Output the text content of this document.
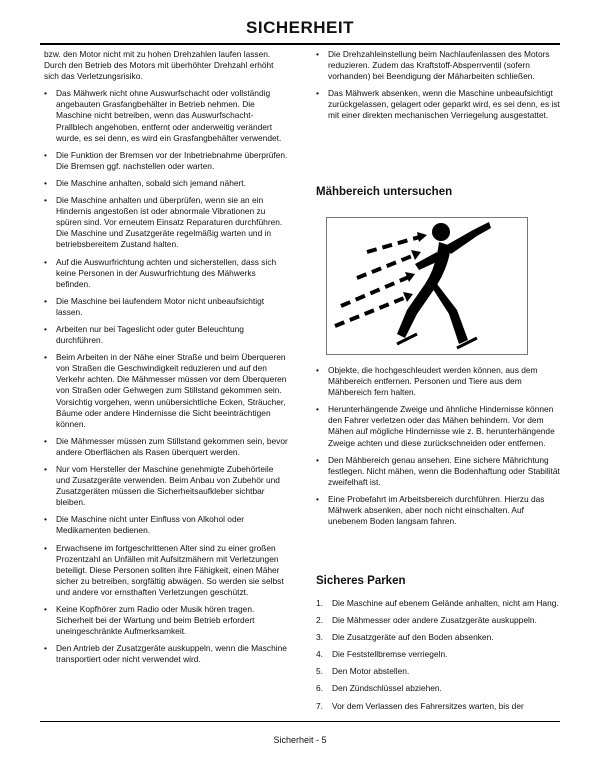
SICHERHEIT
bzw. den Motor nicht mit zu hohen Drehzahlen laufen lassen. Durch den Betrieb des Motors mit überhöhter Drehzahl erhöht sich das Verletzungsrisiko.
•	Das Mähwerk nicht ohne Auswurfschacht oder vollständig angebauten Grasfangbehälter in Betrieb nehmen. Die Maschine nicht betreiben, wenn das Auswurfschacht-Prallblech angehoben, entfernt oder anderweitig verändert wurde, es sei denn, es wird ein Grasfangbehälter verwendet.
•	Die Funktion der Bremsen vor der Inbetriebnahme überprüfen. Die Bremsen ggf. nachstellen oder warten.
•	Die Maschine anhalten, sobald sich jemand nähert.
•	Die Maschine anhalten und überprüfen, wenn sie an ein Hindernis angestoßen ist oder abnormale Vibrationen zu spüren sind. Vor erneutem Einsatz Reparaturen durchführen. Die Maschine und Zusatzgeräte regelmäßig warten und in betriebsbereitem Zustand halten.
•	Auf die Auswurfrichtung achten und sicherstellen, dass sich keine Personen in der Auswurfrichtung des Mähwerks befinden.
•	Die Maschine bei laufendem Motor nicht unbeaufsichtigt lassen.
•	Arbeiten nur bei Tageslicht oder guter Beleuchtung durchführen.
•	Beim Arbeiten in der Nähe einer Straße und beim Überqueren von Straßen die Geschwindigkeit reduzieren und auf den Verkehr achten. Die Mähmesser müssen vor dem Überqueren von Straßen oder Gehwegen zum Stillstand gekommen sein. Vorsichtig vorgehen, wenn unübersichtliche Ecken, Sträucher, Bäume oder andere Hindernisse die Sicht beeinträchtigen können.
•	Die Mähmesser müssen zum Stillstand gekommen sein, bevor andere Oberflächen als Rasen überquert werden.
•	Nur vom Hersteller der Maschine genehmigte Zubehörteile und Zusatzgeräte verwenden. Beim Anbau von Zubehör und Zusatzgeräten müssen die Sicherheitsaufkleber sichtbar bleiben.
•	Die Maschine nicht unter Einfluss von Alkohol oder Medikamenten bedienen.
•	Erwachsene im fortgeschrittenen Alter sind zu einer großen Prozentzahl an Unfällen mit Aufsitzmähern mit Verletzungen beteiligt. Diese Personen sollten ihre Fähigkeit, einen Mäher sicher zu betreiben, sorgfältig abwägen. So werden sie selbst und andere vor ernsthaften Verletzungen geschützt.
•	Keine Kopfhörer zum Radio oder Musik hören tragen. Sicherheit bei der Wartung und beim Betrieb erfordert uneingeschränkte Aufmerksamkeit.
•	Den Antrieb der Zusatzgeräte auskuppeln, wenn die Maschine transportiert oder nicht verwendet wird.
•	Die Drehzahleinstellung beim Nachlaufenlassen des Motors reduzieren. Zudem das Kraftstoff-Absperrventil (sofern vorhanden) bei Beendigung der Mäharbeiten schließen.
•	Das Mähwerk absenken, wenn die Maschine unbeaufsichtigt zurückgelassen, gelagert oder geparkt wird, es sei denn, es ist mit einer direkten mechanischen Verriegelung ausgestattet.
Mähbereich untersuchen
•	Objekte, die hochgeschleudert werden können, aus dem Mähbereich entfernen. Personen und Tiere aus dem Mähbereich fern halten.
•	Herunterhängende Zweige und ähnliche Hindernisse können den Fahrer verletzen oder das Mähen behindern. Vor dem Mähen auf mögliche Hindernisse wie z. B. herunterhängende Zweige achten und diese zurückschneiden oder entfernen.
•	Den Mähbereich genau ansehen. Eine sichere Mährichtung festlegen. Nicht mähen, wenn die Bodenhaftung oder Stabilität zweifelhaft ist.
•	Eine Probefahrt im Arbeitsbereich durchführen. Hierzu das Mähwerk absenken, aber noch nicht einschalten. Auf unebenem Boden langsam fahren.
Sicheres Parken
1.	Die Maschine auf ebenem Gelände anhalten, nicht am Hang.
2.	Die Mähmesser oder andere Zusatzgeräte auskuppeln.
3.	Die Zusatzgeräte auf den Boden absenken.
4.	Die Feststellbremse verriegeln.
5.	Den Motor abstellen.
6.	Den Zündschlüssel abziehen.
7.	Vor dem Verlassen des Fahrersitzes warten, bis der
Sicherheit - 5
